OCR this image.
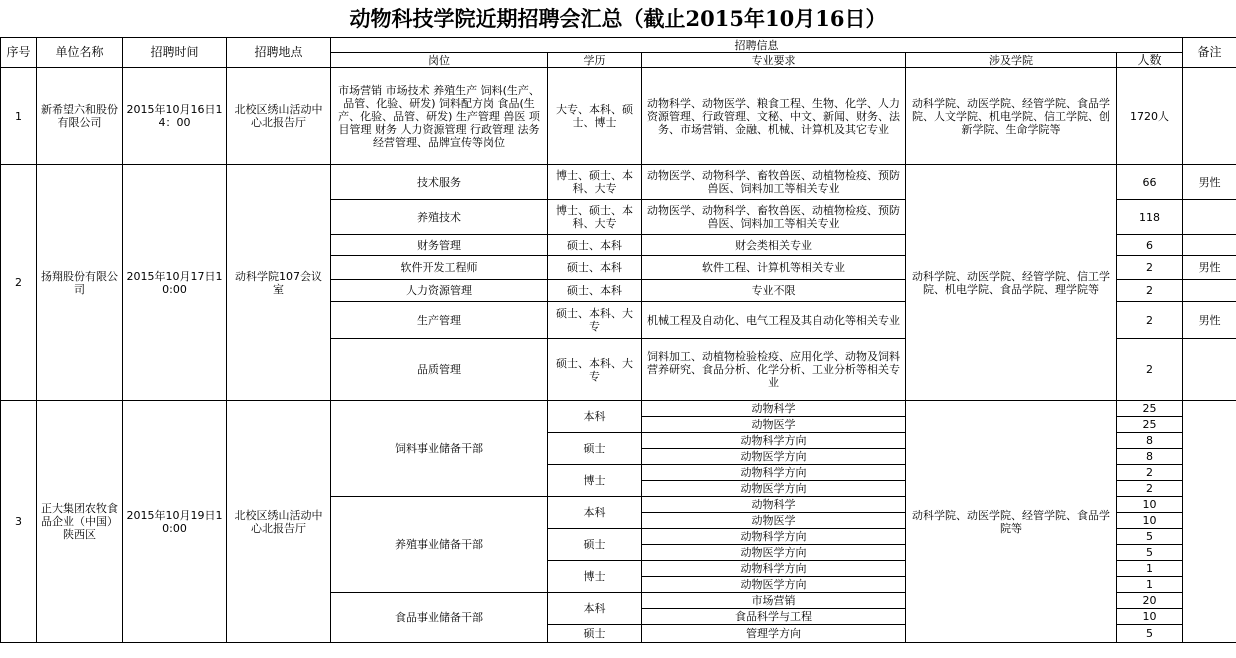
动物科技学院近期招聘会汇总（截止2015年10月16日）
序号	单位名称	招聘时间	招聘地点	招聘信息					备注
				岗位	学历	专业要求	涉及学院	人数	
1	新希望六和股份有限公司	2015年10月16日14：00	北校区绣山活动中心北报告厅	市场营销 市场技术 养殖生产 饲料(生产、品管、化验、研发) 饲料配方岗 食品(生产、化验、品管、研发) 生产管理 兽医 项目管理 财务 人力资源管理 行政管理 法务 经营管理、品牌宣传等岗位	大专、本科、硕士、博士	动物科学、动物医学、粮食工程、生物、化学、人力资源管理、行政管理、文秘、中文、新闻、财务、法务、市场营销、金融、机械、计算机及其它专业	动科学院、动医学院、经管学院、食品学院、人文学院、机电学院、信工学院、创新学院、生命学院等	1720人	
2	扬翔股份有限公司	2015年10月17日10:00	动科学院107会议室	技术服务	博士、硕士、本科、大专	动物医学、动物科学、畜牧兽医、动植物检疫、预防兽医、饲料加工等相关专业	动科学院、动医学院、经管学院、信工学院、机电学院、食品学院、理学院等	66	男性
				养殖技术	博士、硕士、本科、大专	动物医学、动物科学、畜牧兽医、动植物检疫、预防兽医、饲料加工等相关专业		118	
				财务管理	硕士、本科	财会类相关专业		6	
				软件开发工程师	硕士、本科	软件工程、计算机等相关专业		2	男性
				人力资源管理	硕士、本科	专业不限		2	
				生产管理	硕士、本科、大专	机械工程及自动化、电气工程及其自动化等相关专业		2	男性
				品质管理	硕士、本科、大专	饲料加工、动植物检验检疫、应用化学、动物及饲料营养研究、食品分析、化学分析、工业分析等相关专业		2	
3	正大集团农牧食品企业（中国）陕西区	2015年10月19日10:00	北校区绣山活动中心北报告厅	饲料事业储备干部	本科	动物科学	动科学院、动医学院、经管学院、食品学院等	25	
						动物医学		25	
					硕士	动物科学方向		8	
						动物医学方向		8	
					博士	动物科学方向		2	
						动物医学方向		2	
				养殖事业储备干部	本科	动物科学		10	
						动物医学		10	
					硕士	动物科学方向		5	
						动物医学方向		5	
					博士	动物科学方向		1	
						动物医学方向		1	
				食品事业储备干部	本科	市场营销		20	
						食品科学与工程		10	
					硕士	管理学方向		5	
